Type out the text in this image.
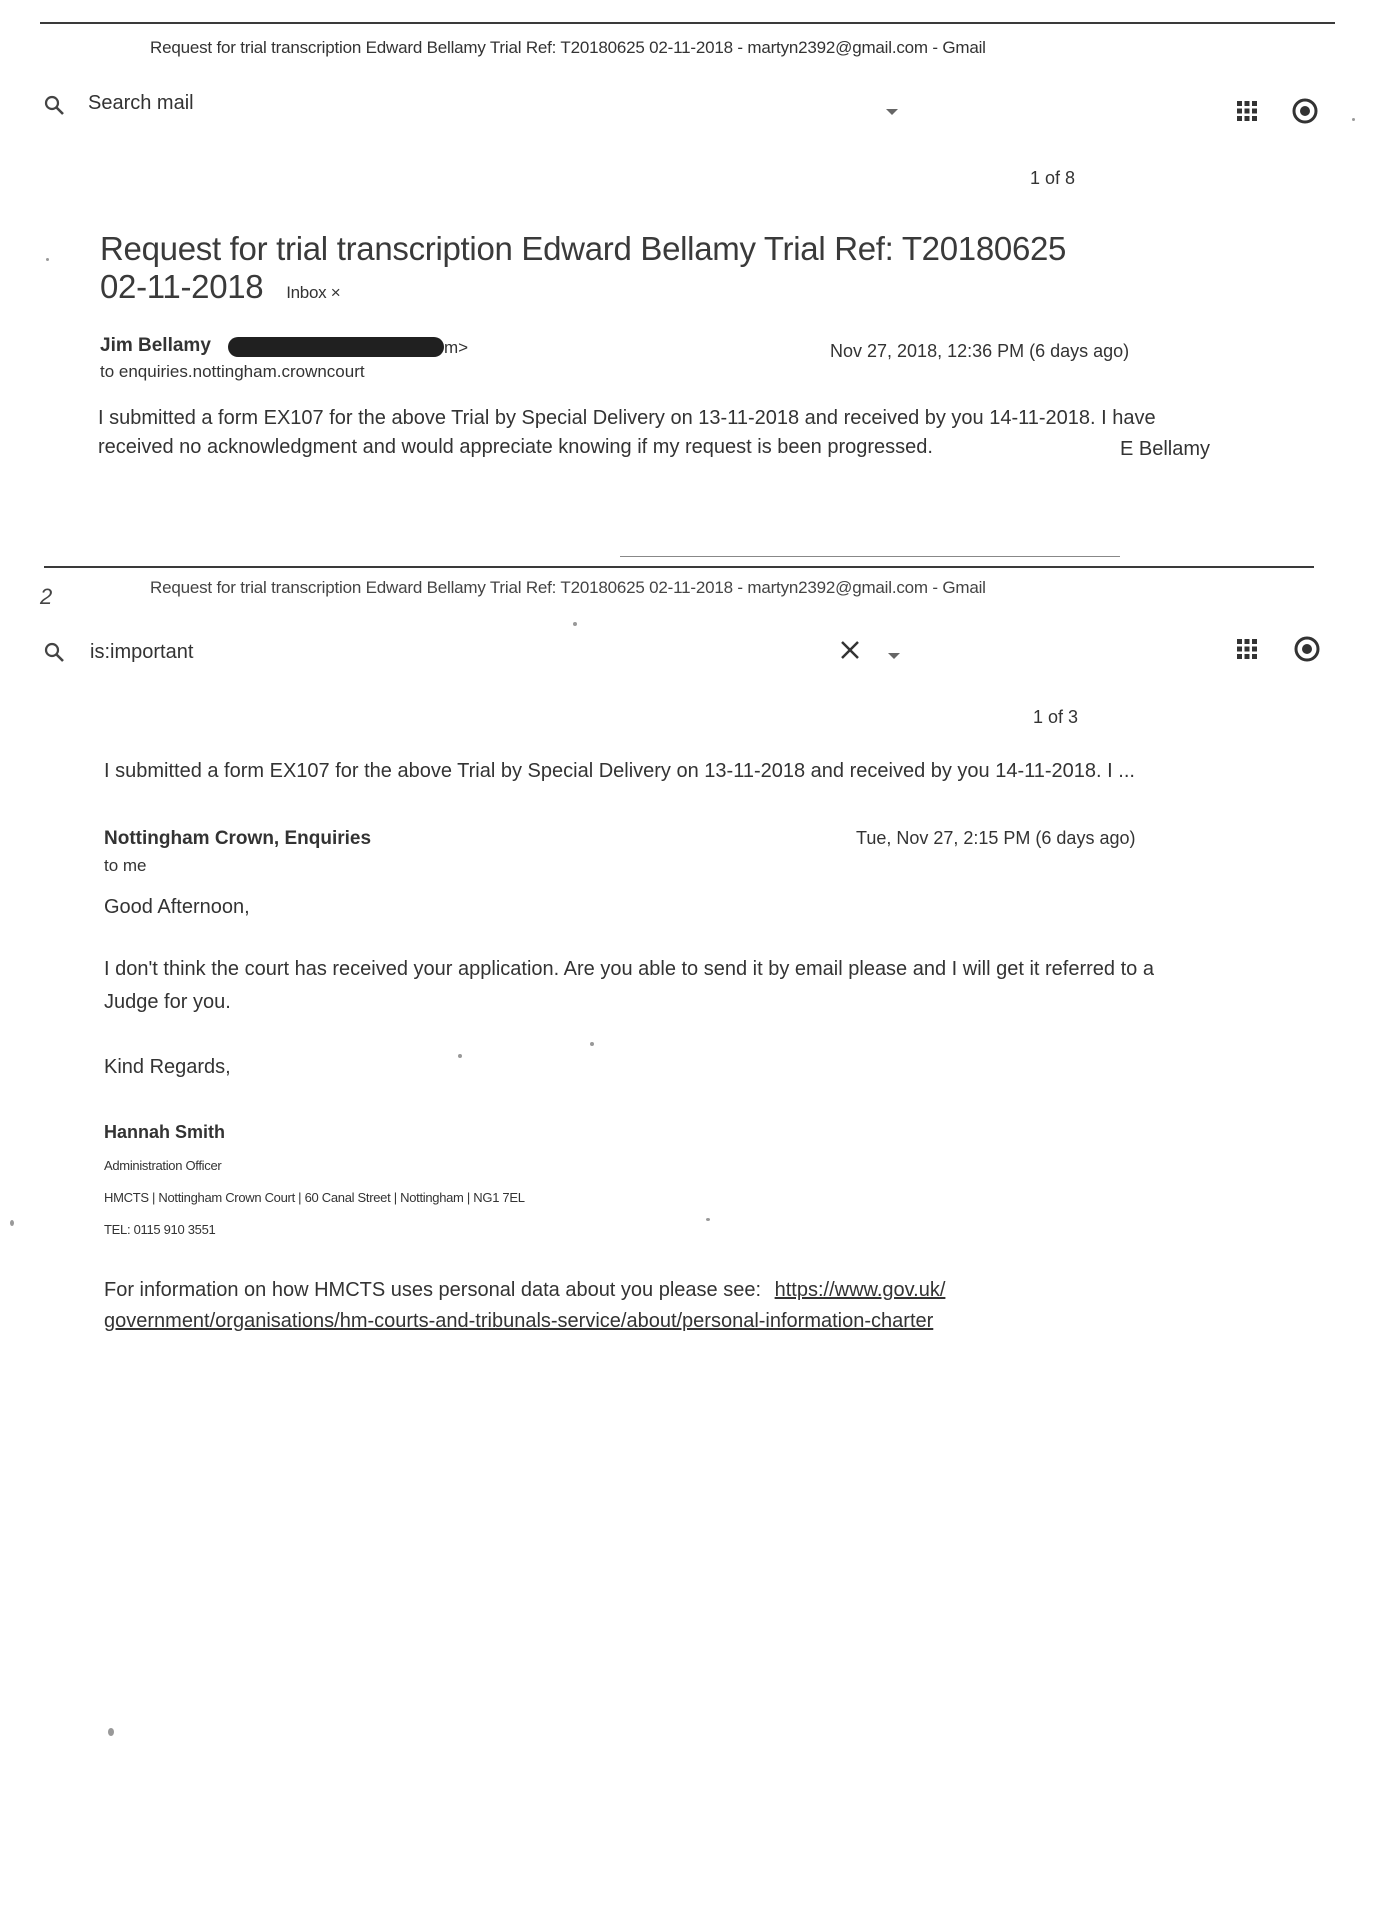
Request for trial transcription Edward Bellamy Trial Ref: T20180625 02-11-2018 - martyn2392@gmail.com - Gmail
Search mail
1 of 8
Request for trial transcription Edward Bellamy Trial Ref: T20180625
02-11-2018 Inbox ×
Jim Bellamy	m>
to enquiries.nottingham.crowncourt
Nov 27, 2018, 12:36 PM (6 days ago)
I submitted a form EX107 for the above Trial by Special Delivery on 13-11-2018 and received by you 14-11-2018. I have
received no acknowledgment and would appreciate knowing if my request is been progressed.	E Bellamy
2	Request for trial transcription Edward Bellamy Trial Ref: T20180625 02-11-2018 - martyn2392@gmail.com - Gmail
is:important
1 of 3
I submitted a form EX107 for the above Trial by Special Delivery on 13-11-2018 and received by you 14-11-2018. I ...
Nottingham Crown, Enquiries
to me
Tue, Nov 27, 2:15 PM (6 days ago)
Good Afternoon,
I don't think the court has received your application. Are you able to send it by email please and I will get it referred to a
Judge for you.
Kind Regards,
Hannah Smith
Administration Officer
HMCTS | Nottingham Crown Court | 60 Canal Street | Nottingham | NG1 7EL
TEL: 0115 910 3551
For information on how HMCTS uses personal data about you please see: https://www.gov.uk/
government/organisations/hm-courts-and-tribunals-service/about/personal-information-charter
